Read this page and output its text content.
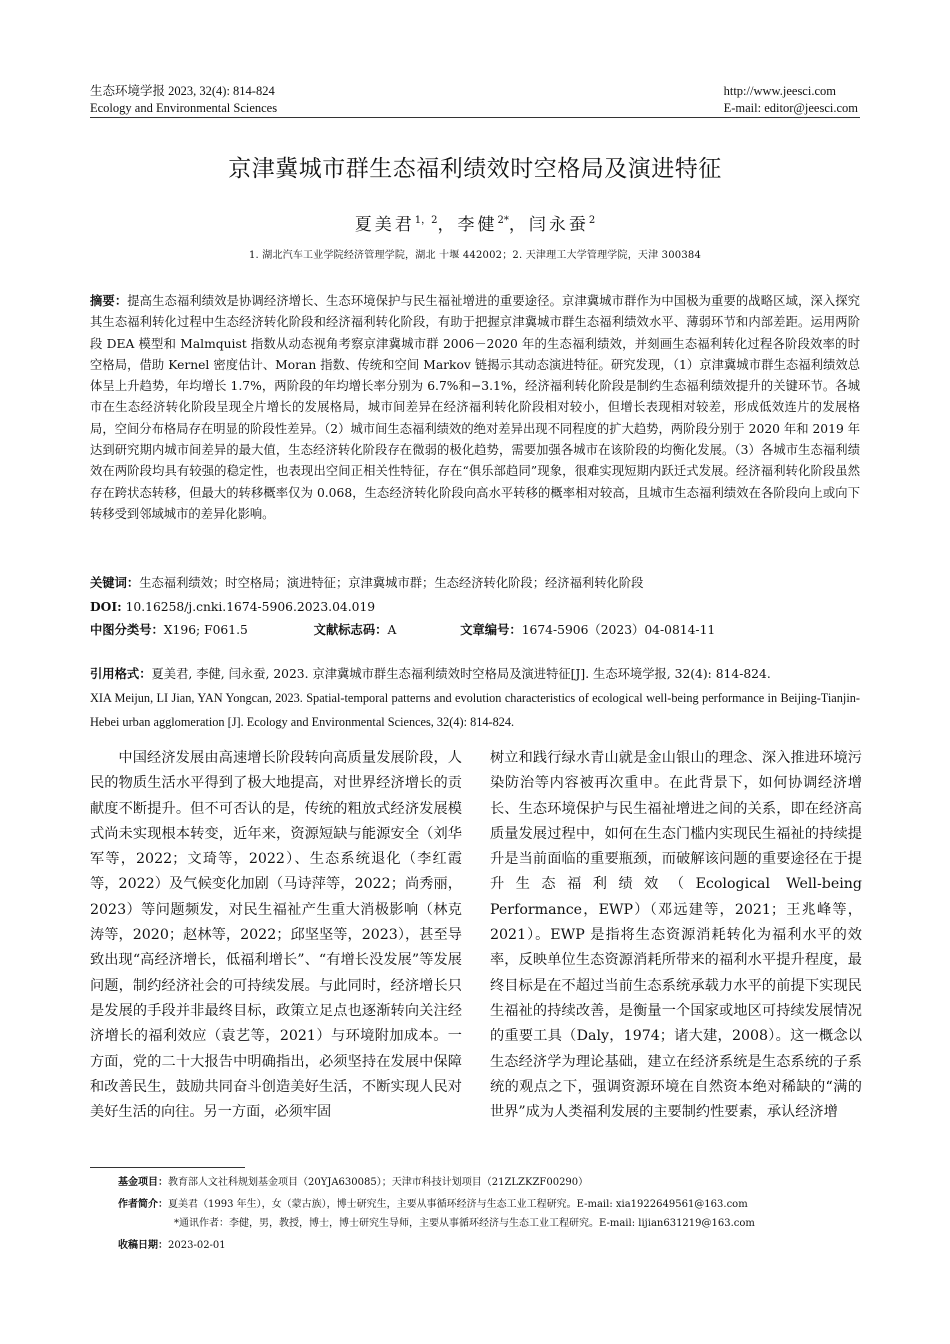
生态环境学报 2023, 32(4): 814-824
Ecology and Environmental Sciences
http://www.jeesci.com
E-mail: editor@jeesci.com
京津冀城市群生态福利绩效时空格局及演进特征
夏美君$^{1,2}$，李健$^{2*}$，闫永蚕$^2$
1. 湖北汽车工业学院经济管理学院，湖北 十堰 442002；2. 天津理工大学管理学院，天津 300384
摘要：提高生态福利绩效是协调经济增长、生态环境保护与民生福祉增进的重要途径。京津冀城市群作为中国极为重要的战略区域，深入探究其生态福利转化过程中生态经济转化阶段和经济福利转化阶段，有助于把握京津冀城市群生态福利绩效水平、薄弱环节和内部差距。运用两阶段 DEA 模型和 Malmquist 指数从动态视角考察京津冀城市群 2006－2020 年的生态福利绩效，并刻画生态福利转化过程各阶段效率的时空格局，借助 Kernel 密度估计、Moran 指数、传统和空间 Markov 链揭示其动态演进特征。研究发现，（1）京津冀城市群生态福利绩效总体呈上升趋势，年均增长 1.7%，两阶段的年均增长率分别为 6.7%和−3.1%，经济福利转化阶段是制约生态福利绩效提升的关键环节。各城市在生态经济转化阶段呈现全片增长的发展格局，城市间差异在经济福利转化阶段相对较小，但增长表现相对较差，形成低效连片的发展格局，空间分布格局存在明显的阶段性差异。（2）城市间生态福利绩效的绝对差异出现不同程度的扩大趋势，两阶段分别于 2020 年和 2019 年达到研究期内城市间差异的最大值，生态经济转化阶段存在微弱的极化趋势，需要加强各城市在该阶段的均衡化发展。（3）各城市生态福利绩效在两阶段均具有较强的稳定性，也表现出空间正相关性特征，存在“俱乐部趋同”现象，很难实现短期内跃迁式发展。经济福利转化阶段虽然存在跨状态转移，但最大的转移概率仅为 0.068，生态经济转化阶段向高水平转移的概率相对较高，且城市生态福利绩效在各阶段向上或向下转移受到邻域城市的差异化影响。
关键词：生态福利绩效；时空格局；演进特征；京津冀城市群；生态经济转化阶段；经济福利转化阶段
DOI: 10.16258/j.cnki.1674-5906.2023.04.019
中图分类号：X196; F061.5	文献标志码：A	文章编号：1674-5906（2023）04-0814-11
引用格式：夏美君, 李健, 闫永蚕, 2023. 京津冀城市群生态福利绩效时空格局及演进特征[J]. 生态环境学报, 32(4): 814-824.
XIA Meijun, LI Jian, YAN Yongcan, 2023. Spatial-temporal patterns and evolution characteristics of ecological well-being performance in Beijing-Tianjin-Hebei urban agglomeration [J]. Ecology and Environmental Sciences, 32(4): 814-824.
中国经济发展由高速增长阶段转向高质量发展阶段，人民的物质生活水平得到了极大地提高，对世界经济增长的贡献度不断提升。但不可否认的是，传统的粗放式经济发展模式尚未实现根本转变，近年来，资源短缺与能源安全（刘华军等，2022；文琦等，2022）、生态系统退化（李红霞等，2022）及气候变化加剧（马诗萍等，2022；尚秀丽，2023）等问题频发，对民生福祉产生重大消极影响（林克涛等，2020；赵林等，2022；邱坚坚等，2023），甚至导致出现“高经济增长，低福利增长”、“有增长没发展”等发展问题，制约经济社会的可持续发展。与此同时，经济增长只是发展的手段并非最终目标，政策立足点也逐渐转向关注经济增长的福利效应（袁艺等，2021）与环境附加成本。一方面，党的二十大报告中明确指出，必须坚持在发展中保障和改善民生，鼓励共同奋斗创造美好生活，不断实现人民对美好生活的向往。另一方面，必须牢固
树立和践行绿水青山就是金山银山的理念、深入推进环境污染防治等内容被再次重申。在此背景下，如何协调经济增长、生态环境保护与民生福祉增进之间的关系，即在经济高质量发展过程中，如何在生态门槛内实现民生福祉的持续提升是当前面临的重要瓶颈，而破解该问题的重要途径在于提升生态福利绩效（Ecological Well-being Performance，EWP）（邓远建等，2021；王兆峰等，2021）。EWP 是指将生态资源消耗转化为福利水平的效率，反映单位生态资源消耗所带来的福利水平提升程度，最终目标是在不超过当前生态系统承载力水平的前提下实现民生福祉的持续改善，是衡量一个国家或地区可持续发展情况的重要工具（Daly，1974；诸大建，2008）。这一概念以生态经济学为理论基础，建立在经济系统是生态系统的子系统的观点之下，强调资源环境在自然资本绝对稀缺的“满的世界”成为人类福利发展的主要制约性要素，承认经济增
基金项目：教育部人文社科规划基金项目（20YJA630085）；天津市科技计划项目（21ZLZKZF00290）
作者简介：夏美君（1993 年生），女（蒙古族），博士研究生，主要从事循环经济与生态工业工程研究。E-mail: xia1922649561@163.com
*通讯作者：李健，男，教授，博士，博士研究生导师，主要从事循环经济与生态工业工程研究。E-mail: lijian631219@163.com
收稿日期：2023-02-01
